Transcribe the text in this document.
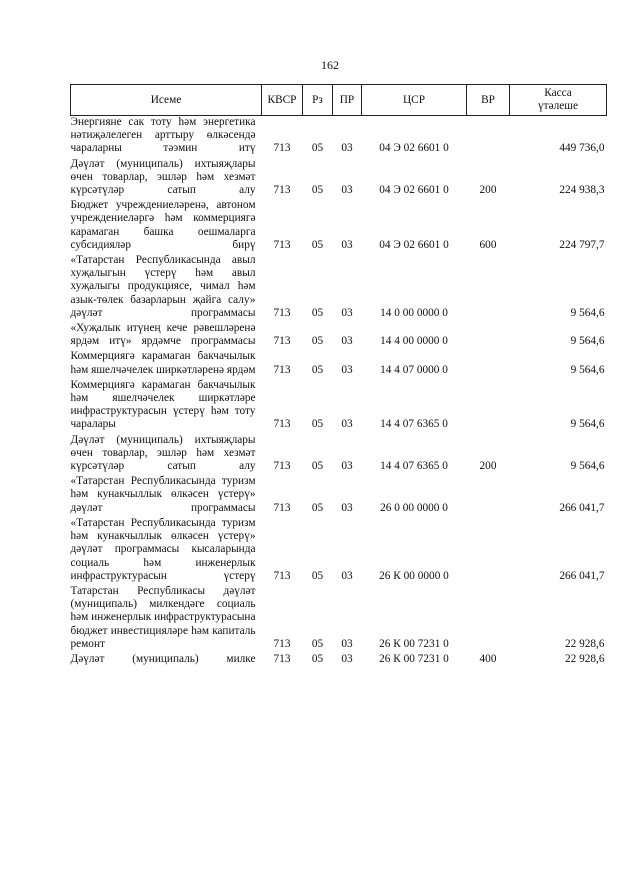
162
Исеме	КВСР	Рз	ПР	ЦСР	ВР	Касса
үтәлеше
Энергияне сак тоту һәм энергетика нәтиҗәлелеген арттыру өлкәсендә чараларны тәэмин итү	713	05	03	04 Э 02 6601 0		449 736,0
Дәүләт (муниципаль) ихтыяҗлары өчен товарлар, эшләр һәм хезмәт күрсәтүләр сатып алу	713	05	03	04 Э 02 6601 0	200	224 938,3
Бюджет учреждениеләренә, автоном учреждениеләргә һәм коммерциягә карамаган башка оешмаларга субсидияләр бирү	713	05	03	04 Э 02 6601 0	600	224 797,7
«Татарстан Республикасында авыл хуҗалыгын үстерү һәм авыл хуҗалыгы продукциясе, чимал һәм азык-төлек базарларын җайга салу» дәүләт программасы	713	05	03	14 0 00 0000 0		9 564,6
«Хуҗалык итүнең кече рәвешләренә ярдәм итү» ярдәмче программасы	713	05	03	14 4 00 0000 0		9 564,6
Коммерциягә карамаган бакчачылык һәм яшелчәчелек ширкәтләренә ярдәм	713	05	03	14 4 07 0000 0		9 564,6
Коммерциягә карамаган бакчачылык һәм яшелчәчелек ширкәтләре инфраструктурасын үстерү һәм тоту чаралары	713	05	03	14 4 07 6365 0		9 564,6
Дәүләт (муниципаль) ихтыяҗлары өчен товарлар, эшләр һәм хезмәт күрсәтүләр сатып алу	713	05	03	14 4 07 6365 0	200	9 564,6
«Татарстан Республикасында туризм һәм кунакчыллык өлкәсен үстерү» дәүләт программасы	713	05	03	26 0 00 0000 0		266 041,7
«Татарстан Республикасында туризм һәм кунакчыллык өлкәсен үстерү» дәүләт программасы кысаларында социаль һәм инженерлык инфраструктурасын үстерү	713	05	03	26 К 00 0000 0		266 041,7
Татарстан Республикасы дәүләт (муниципаль) милкендәге социаль һәм инженерлык инфраструктурасына бюджет инвестицияләре һәм капиталь ремонт	713	05	03	26 К 00 7231 0		22 928,6
Дәүләт (муниципаль) милке	713	05	03	26 К 00 7231 0	400	22 928,6
